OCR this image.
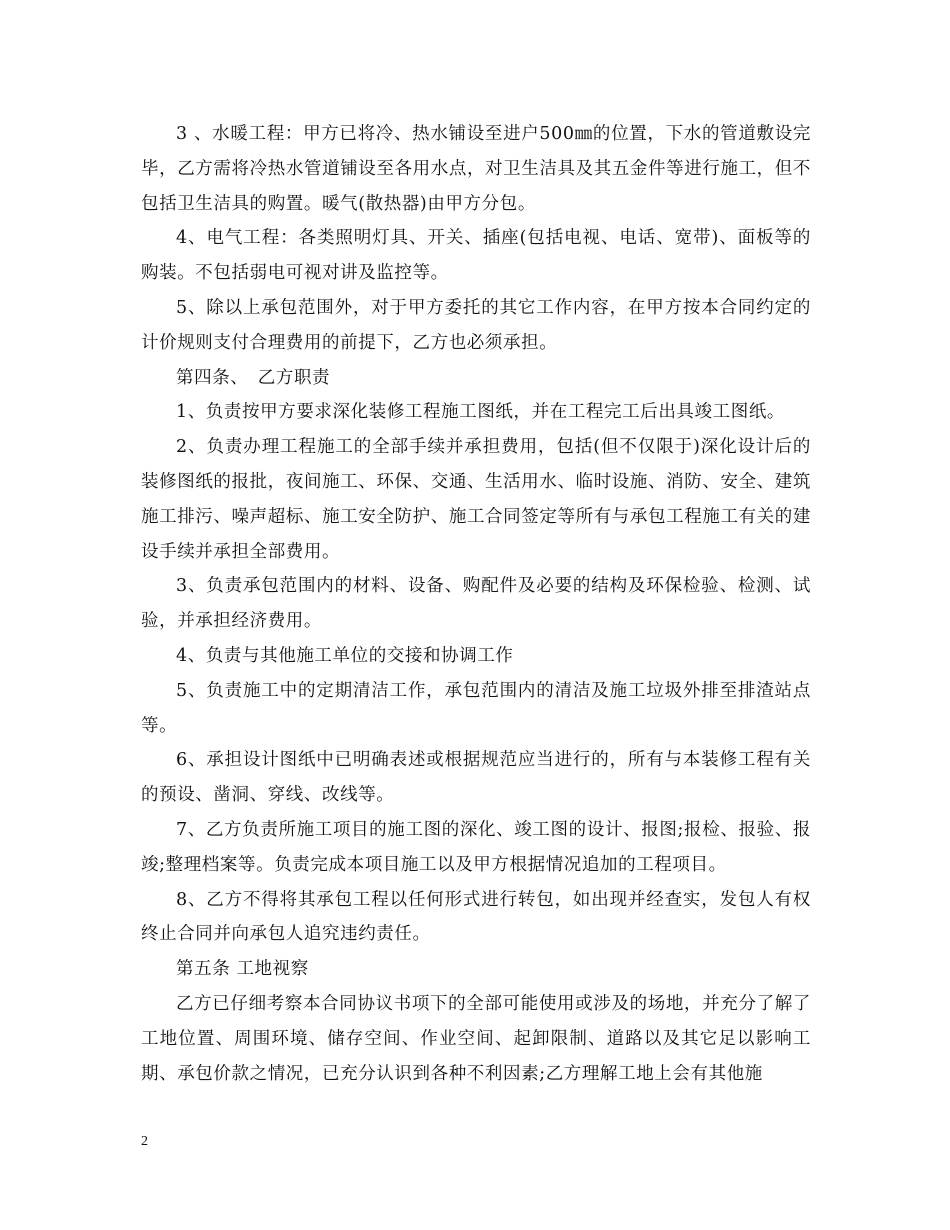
3 、水暖工程：甲方已将冷、热水铺设至进户500㎜的位置，下水的管道敷设完毕，乙方需将冷热水管道铺设至各用水点，对卫生洁具及其五金件等进行施工，但不包括卫生洁具的购置。暖气(散热器)由甲方分包。

4、电气工程：各类照明灯具、开关、插座(包括电视、电话、宽带)、面板等的购装。不包括弱电可视对讲及监控等。

5、除以上承包范围外，对于甲方委托的其它工作内容，在甲方按本合同约定的计价规则支付合理费用的前提下，乙方也必须承担。

第四条、　乙方职责

1、负责按甲方要求深化装修工程施工图纸，并在工程完工后出具竣工图纸。

2、负责办理工程施工的全部手续并承担费用，包括(但不仅限于)深化设计后的装修图纸的报批，夜间施工、环保、交通、生活用水、临时设施、消防、安全、建筑施工排污、噪声超标、施工安全防护、施工合同签定等所有与承包工程施工有关的建设手续并承担全部费用。

3、负责承包范围内的材料、设备、购配件及必要的结构及环保检验、检测、试验，并承担经济费用。

4、负责与其他施工单位的交接和协调工作

5、负责施工中的定期清洁工作，承包范围内的清洁及施工垃圾外排至排渣站点等。

6、承担设计图纸中已明确表述或根据规范应当进行的，所有与本装修工程有关的预设、凿洞、穿线、改线等。

7、乙方负责所施工项目的施工图的深化、竣工图的设计、报图;报检、报验、报竣;整理档案等。负责完成本项目施工以及甲方根据情况追加的工程项目。

8、乙方不得将其承包工程以任何形式进行转包，如出现并经查实，发包人有权终止合同并向承包人追究违约责任。

第五条 工地视察

乙方已仔细考察本合同协议书项下的全部可能使用或涉及的场地，并充分了解了工地位置、周围环境、储存空间、作业空间、起卸限制、道路以及其它足以影响工期、承包价款之情况，已充分认识到各种不利因素;乙方理解工地上会有其他施

2
